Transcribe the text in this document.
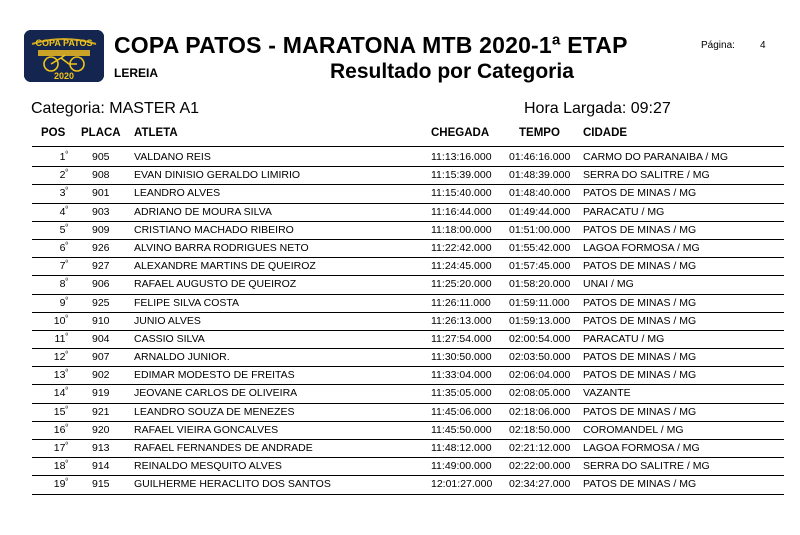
COPA PATOS
2020
COPA PATOS - MARATONA MTB 2020-1ª ETAP	Página:	4
LEREIA	Resultado por Categoria
Categoria: MASTER A1	Hora Largada: 09:27
POS PLACA ATLETA	CHEGADA	TEMPO CIDADE
$1^º$ 905 VALDANO REIS	11:13:16.000 01:46:16.000 CARMO DO PARANAIBA / MG
$2^º$ 908 EVAN DINISIO GERALDO LIMIRIO	11:15:39.000 01:48:39.000 SERRA DO SALITRE / MG
$3^º$ 901 LEANDRO ALVES	11:15:40.000 01:48:40.000 PATOS DE MINAS / MG
$4^º$ 903 ADRIANO DE MOURA SILVA	11:16:44.000 01:49:44.000 PARACATU / MG
$5^º$ 909 CRISTIANO MACHADO RIBEIRO	11:18:00.000 01:51:00.000 PATOS DE MINAS / MG
$6^º$ 926 ALVINO BARRA RODRIGUES NETO	11:22:42.000 01:55:42.000 LAGOA FORMOSA / MG
$7^º$ 927 ALEXANDRE MARTINS DE QUEIROZ	11:24:45.000 01:57:45.000 PATOS DE MINAS / MG
$8^º$ 906 RAFAEL AUGUSTO DE QUEIROZ	11:25:20.000 01:58:20.000 UNAI / MG
$9^º$ 925 FELIPE SILVA COSTA	11:26:11.000 01:59:11.000 PATOS DE MINAS / MG
$10^º$ 910 JUNIO ALVES	11:26:13.000 01:59:13.000 PATOS DE MINAS / MG
$11^º$ 904 CASSIO SILVA	11:27:54.000 02:00:54.000 PARACATU / MG
$12^º$ 907 ARNALDO JUNIOR.	11:30:50.000 02:03:50.000 PATOS DE MINAS / MG
$13^º$ 902 EDIMAR MODESTO DE FREITAS	11:33:04.000 02:06:04.000 PATOS DE MINAS / MG
$14^º$ 919 JEOVANE CARLOS DE OLIVEIRA	11:35:05.000 02:08:05.000 VAZANTE
$15^º$ 921 LEANDRO SOUZA DE MENEZES	11:45:06.000 02:18:06.000 PATOS DE MINAS / MG
$16^º$ 920 RAFAEL VIEIRA GONCALVES	11:45:50.000 02:18:50.000 COROMANDEL / MG
$17^º$ 913 RAFAEL FERNANDES DE ANDRADE	11:48:12.000 02:21:12.000 LAGOA FORMOSA / MG
$18^º$ 914 REINALDO MESQUITO ALVES	11:49:00.000 02:22:00.000 SERRA DO SALITRE / MG
$19^º$ 915 GUILHERME HERACLITO DOS SANTOS	12:01:27.000 02:34:27.000 PATOS DE MINAS / MG
